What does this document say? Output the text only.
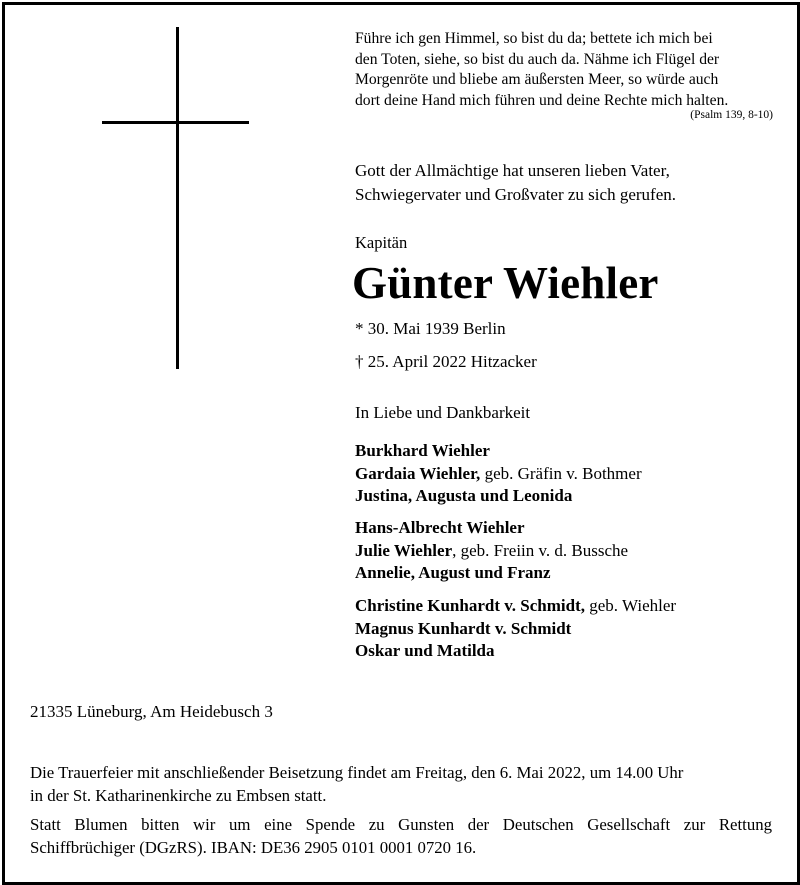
Führe ich gen Himmel, so bist du da; bettete ich mich bei
den Toten, siehe, so bist du auch da. Nähme ich Flügel der
Morgenröte und bliebe am äußersten Meer, so würde auch
dort deine Hand mich führen und deine Rechte mich halten.
(Psalm 139, 8-10)
Gott der Allmächtige hat unseren lieben Vater,
Schwiegervater und Großvater zu sich gerufen.
Kapitän
Günter Wiehler
* 30. Mai 1939 Berlin
† 25. April 2022 Hitzacker
In Liebe und Dankbarkeit
Burkhard Wiehler
Gardaia Wiehler, geb. Gräfin v. Bothmer
Justina, Augusta und Leonida
Hans-Albrecht Wiehler
Julie Wiehler, geb. Freiin v. d. Bussche
Annelie, August und Franz
Christine Kunhardt v. Schmidt, geb. Wiehler
Magnus Kunhardt v. Schmidt
Oskar und Matilda
21335 Lüneburg, Am Heidebusch 3
Die Trauerfeier mit anschließender Beisetzung findet am Freitag, den 6. Mai 2022, um 14.00 Uhr
in der St. Katharinenkirche zu Embsen statt.
Statt Blumen bitten wir um eine Spende zu Gunsten der Deutschen Gesellschaft zur Rettung
Schiffbrüchiger (DGzRS). IBAN: DE36 2905 0101 0001 0720 16.
